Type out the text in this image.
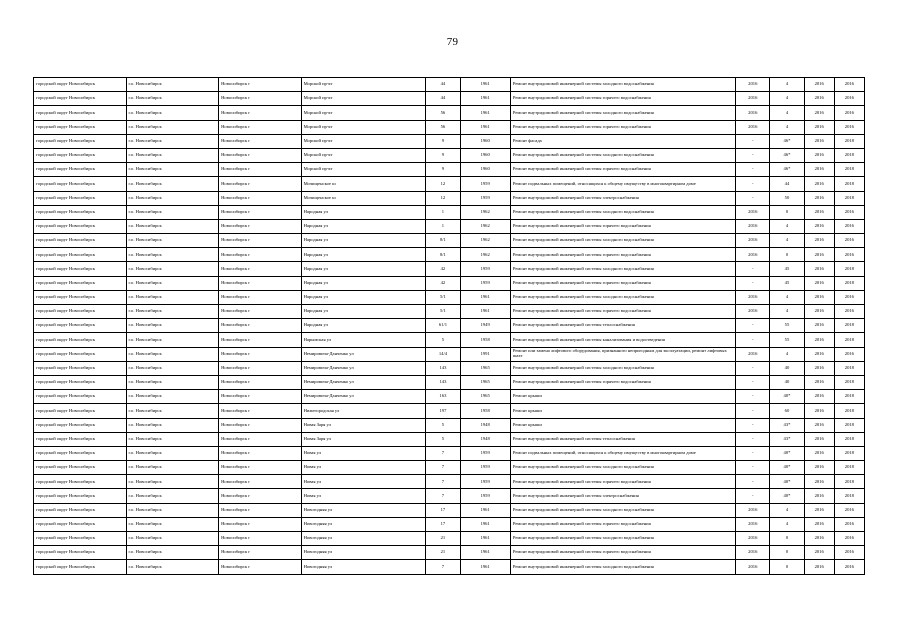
79
городской округ Новосибирск	г.о. Новосибирск	Новосибирск г	Морской пр-кт	44	1961	Ремонт внутридомовой инженерной системы холодного водоснабжения	2016	4	2016	2016
городской округ Новосибирск	г.о. Новосибирск	Новосибирск г	Морской пр-кт	44	1961	Ремонт внутридомовой инженерной системы горячего водоснабжения	2016	4	2016	2016
городской округ Новосибирск	г.о. Новосибирск	Новосибирск г	Морской пр-кт	56	1961	Ремонт внутридомовой инженерной системы холодного водоснабжения	2016	4	2016	2016
городской округ Новосибирск	г.о. Новосибирск	Новосибирск г	Морской пр-кт	56	1961	Ремонт внутридомовой инженерной системы горячего водоснабжения	2016	4	2016	2016
городской округ Новосибирск	г.о. Новосибирск	Новосибирск г	Морской пр-кт	9	1960	Ремонт фасада	-	46*	2016	2018
городской округ Новосибирск	г.о. Новосибирск	Новосибирск г	Морской пр-кт	9	1960	Ремонт внутридомовой инженерной системы холодного водоснабжения	-	46*	2016	2018
городской округ Новосибирск	г.о. Новосибирск	Новосибирск г	Морской пр-кт	9	1960	Ремонт внутридомовой инженерной системы горячего водоснабжения	-	46*	2016	2018
городской округ Новосибирск	г.о. Новосибирск	Новосибирск г	Мочищенское ш	12	1959	Ремонт подвальных помещений, относящихся к общему имуществу в многоквартирном доме	-	44	2016	2018
городской округ Новосибирск	г.о. Новосибирск	Новосибирск г	Мочищенское ш	12	1959	Ремонт внутридомовой инженерной системы электроснабжения	-	50	2016	2018
городской округ Новосибирск	г.о. Новосибирск	Новосибирск г	Народная ул	1	1962	Ремонт внутридомовой инженерной системы холодного водоснабжения	2016	0	2016	2016
городской округ Новосибирск	г.о. Новосибирск	Новосибирск г	Народная ул	1	1962	Ремонт внутридомовой инженерной системы горячего водоснабжения	2016	4	2016	2016
городской округ Новосибирск	г.о. Новосибирск	Новосибирск г	Народная ул	8/1	1962	Ремонт внутридомовой инженерной системы холодного водоснабжения	2016	4	2016	2016
городской округ Новосибирск	г.о. Новосибирск	Новосибирск г	Народная ул	8/1	1962	Ремонт внутридомовой инженерной системы горячего водоснабжения	2016	0	2016	2016
городской округ Новосибирск	г.о. Новосибирск	Новосибирск г	Народная ул	42	1959	Ремонт внутридомовой инженерной системы холодного водоснабжения	-	45	2016	2018
городской округ Новосибирск	г.о. Новосибирск	Новосибирск г	Народная ул	42	1959	Ремонт внутридомовой инженерной системы горячего водоснабжения	-	45	2016	2018
городской округ Новосибирск	г.о. Новосибирск	Новосибирск г	Народная ул	5/1	1961	Ремонт внутридомовой инженерной системы холодного водоснабжения	2016	4	2016	2016
городской округ Новосибирск	г.о. Новосибирск	Новосибирск г	Народная ул	5/1	1961	Ремонт внутридомовой инженерной системы горячего водоснабжения	2016	4	2016	2016
городской округ Новосибирск	г.о. Новосибирск	Новосибирск г	Народная ул	61/1	1949	Ремонт внутридомовой инженерной системы теплоснабжения	-	55	2016	2018
городской округ Новосибирск	г.о. Новосибирск	Новосибирск г	Нарымская ул	5	1958	Ремонт внутридомовой инженерной системы канализования и водоотведения	-	55	2016	2018
городской округ Новосибирск	г.о. Новосибирск	Новосибирск г	Немировича-Данченко ул	14/4	1991	Ремонт или замена лифтового оборудования, признанного непригодным для эксплуатации, ремонт лифтовых шахт	2016	4	2016	2016
городской округ Новосибирск	г.о. Новосибирск	Новосибирск г	Немировича-Данченко ул	143	1965	Ремонт внутридомовой инженерной системы холодного водоснабжения	-	40	2016	2018
городской округ Новосибирск	г.о. Новосибирск	Новосибирск г	Немировича-Данченко ул	143	1965	Ремонт внутридомовой инженерной системы горячего водоснабжения	-	40	2016	2018
городской округ Новосибирск	г.о. Новосибирск	Новосибирск г	Немировича-Данченко ул	163	1965	Ремонт крыши	-	40*	2016	2018
городской округ Новосибирск	г.о. Новосибирск	Новосибирск г	Нижегородская ул	197	1958	Ремонт крыши	-	60	2016	2018
городской округ Новосибирск	г.о. Новосибирск	Новосибирск г	Новая Заря ул	5	1948	Ремонт крыши	-	43*	2016	2018
городской округ Новосибирск	г.о. Новосибирск	Новосибирск г	Новая Заря ул	5	1948	Ремонт внутридомовой инженерной системы теплоснабжения	-	43*	2016	2018
городской округ Новосибирск	г.о. Новосибирск	Новосибирск г	Новая ул	7	1959	Ремонт подвальных помещений, относящихся к общему имуществу в многоквартирном доме	-	40*	2016	2018
городской округ Новосибирск	г.о. Новосибирск	Новосибирск г	Новая ул	7	1959	Ремонт внутридомовой инженерной системы холодного водоснабжения	-	40*	2016	2018
городской округ Новосибирск	г.о. Новосибирск	Новосибирск г	Новая ул	7	1959	Ремонт внутридомовой инженерной системы горячего водоснабжения	-	40*	2016	2018
городской округ Новосибирск	г.о. Новосибирск	Новосибирск г	Новая ул	7	1959	Ремонт внутридомовой инженерной системы электроснабжения	-	40*	2016	2018
городской округ Новосибирск	г.о. Новосибирск	Новосибирск г	Новогодняя ул	17	1961	Ремонт внутридомовой инженерной системы холодного водоснабжения	2016	4	2016	2016
городской округ Новосибирск	г.о. Новосибирск	Новосибирск г	Новогодняя ул	17	1961	Ремонт внутридомовой инженерной системы горячего водоснабжения	2016	4	2016	2016
городской округ Новосибирск	г.о. Новосибирск	Новосибирск г	Новогодняя ул	21	1961	Ремонт внутридомовой инженерной системы холодного водоснабжения	2016	0	2016	2016
городской округ Новосибирск	г.о. Новосибирск	Новосибирск г	Новогодняя ул	21	1961	Ремонт внутридомовой инженерной системы горячего водоснабжения	2016	0	2016	2016
городской округ Новосибирск	г.о. Новосибирск	Новосибирск г	Новогодняя ул	7	1961	Ремонт внутридомовой инженерной системы холодного водоснабжения	2016	0	2016	2016
